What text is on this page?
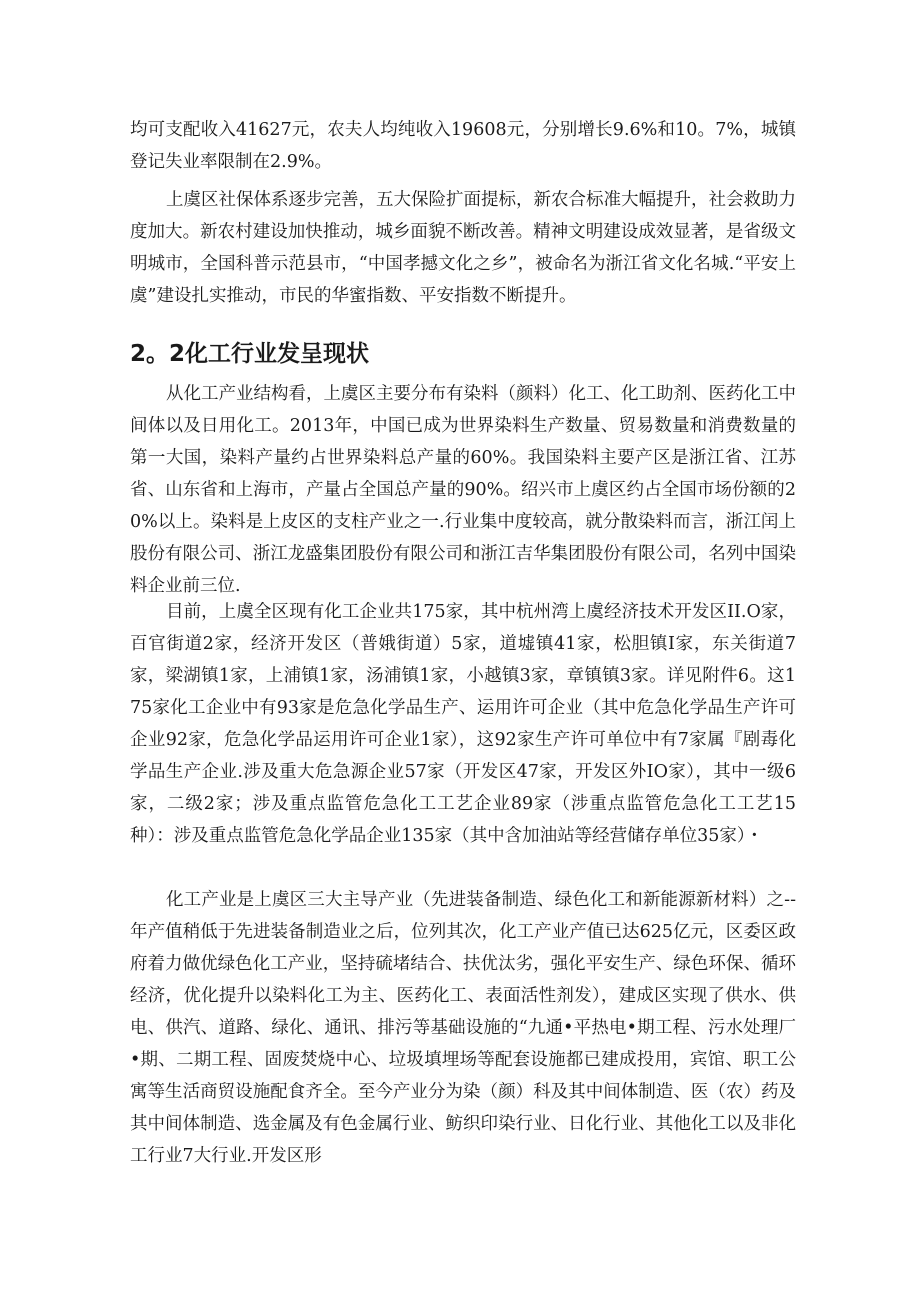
均可支配收入41627元，农夫人均纯收入19608元，分别增长9.6%和10。7%，城镇登记失业率限制在2.9%。

上虞区社保体系逐步完善，五大保险扩面提标，新农合标准大幅提升，社会救助力度加大。新农村建设加快推动，城乡面貌不断改善。精神文明建设成效显著，是省级文明城市，全国科普示范县市，“中国孝撼文化之乡”，被命名为浙江省文化名城.“平安上虞”建设扎实推动，市民的华蜜指数、平安指数不断提升。

2。2化工行业发呈现状

从化工产业结构看，上虞区主要分布有染料（颜料）化工、化工助剂、医药化工中间体以及日用化工。2013年，中国已成为世界染料生产数量、贸易数量和消费数量的第一大国，染料产量约占世界染料总产量的60%。我国染料主要产区是浙江省、江苏省、山东省和上海市，产量占全国总产量的90%。绍兴市上虞区约占全国市场份额的20%以上。染料是上皮区的支柱产业之一.行业集中度较高，就分散染料而言，浙江闰上股份有限公司、浙江龙盛集团股份有限公司和浙江吉华集团股份有限公司，名列中国染料企业前三位.

目前，上虞全区现有化工企业共175家，其中杭州湾上虞经济技术开发区II.O家，百官街道2家，经济开发区（普娥街道）5家，道墟镇41家，松胆镇I家，东关街道7家，梁湖镇1家，上浦镇1家，汤浦镇1家，小越镇3家，章镇镇3家。详见附件6。这175家化工企业中有93家是危急化学品生产、运用许可企业（其中危急化学品生产许可企业92家，危急化学品运用许可企业1家），这92家生产许可单位中有7家属『剧毒化学品生产企业.涉及重大危急源企业57家（开发区47家，开发区外IO家），其中一级6家，二级2家；涉及重点监管危急化工工艺企业89家（涉重点监管危急化工工艺15种）：涉及重点监管危急化学品企业135家（其中含加油站等经营储存单位35家）・

化工产业是上虞区三大主导产业（先进装备制造、绿色化工和新能源新材料）之--年产值稍低于先进装备制造业之后，位列其次，化工产业产值已达625亿元，区委区政府着力做优绿色化工产业，坚持硫堵结合、扶优汰劣，强化平安生产、绿色环保、循环经济，优化提升以染料化工为主、医药化工、表面活性剂发），建成区实现了供水、供电、供汽、道路、绿化、通讯、排污等基础设施的“九通•平热电•期工程、污水处理厂•期、二期工程、固废焚烧中心、垃圾填埋场等配套设施都已建成投用，宾馆、职工公寓等生活商贸设施配食齐全。至今产业分为染（颜）科及其中间体制造、医（农）药及其中间体制造、选金属及有色金属行业、鲂织印染行业、日化行业、其他化工以及非化工行业7大行业.开发区形
